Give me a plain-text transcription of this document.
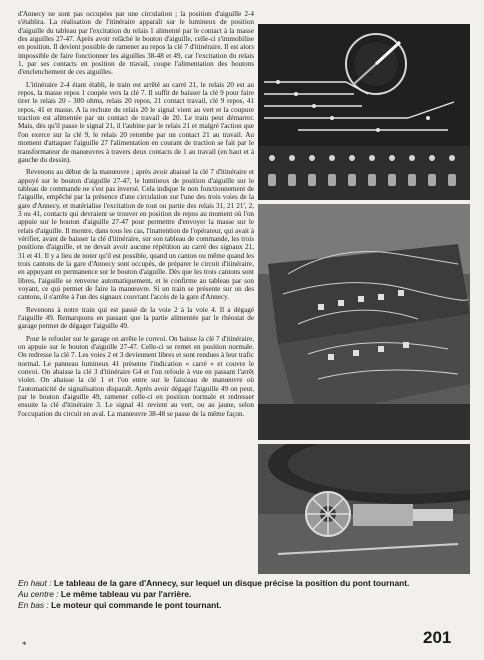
d'Annecy ne sont pas occupées par une circulation ; la position d'aiguille 2-4 s'établira. La réalisation de l'itinéraire apparaît sur le lumineux de position d'aiguille du tableau par l'excitation du relais 1 alimenté par le contact à la masse des aiguilles 27-47. Après avoir relâché le bouton d'aiguille, celle-ci s'immobilise en position. Il devient possible de ramener au repos la clé 7 d'itinéraire. Il est alors impossible de faire fonctionner les aiguilles 38-48 et 49, car l'excitation du relais 1, par ses contacts en position de travail, coupe l'alimentation des boutons d'enclenchement de ces aiguilles.

L'itinéraire 2-4 étant établi, le train est arrêté au carré 21, le relais 20 est au repos, la masse repos 1 coupée vers la clé 7. Il suffit de baisser la clé 9 pour faire tirer le relais 20 - 300 ohms, relais 20 repos, 21 contact travail, clé 9 repos, 41 repos, 41 et masse. A la rechute du relais 20 le signal vient au vert et la coupure traction est alimentée par un contact de travail de 20. Le train peut démarrer. Mais, dès qu'il passe le signal 21, il l'aubine par le relais 21 et malgré l'action que l'on exerce sur la clé 9, le relais 20 retombe par un contact 21 au travail. Au moment d'attaquer l'aiguille 27 l'alimentation en courant de traction se fait par le transformateur de manœuvres à travers deux contacts de 1 au travail (en haut et à gauche du dessin).

Revenons au début de la manœuvre ; après avoir abaissé la clé 7 d'itinéraire et appuyé sur le bouton d'aiguille 27-47, le lumineux de position d'aiguille sur le tableau de commande ne s'est pas inversé. Cela indique le non fonctionnement de l'aiguille, empêché par la présence d'une circulation sur l'une des trois voies de la gare d'Annecy, et matérialise l'excitation de tout ou partie des relais 31, 21 21', 2, 3 ou 41, contacts qui devraient se trouver en position de repos au moment où l'on appuie sur le bouton d'aiguille 27-47 pour permettre d'envoyer la masse sur le relais d'aiguille. Il montre, dans tous les cas, l'inattention de l'opérateur, qui avait à vérifier, avant de baisser la clé d'itinéraire, sur son tableau de commande, les trois positions d'aiguille, et ne devait avoir aucune répétition au carré des signaux 21, 31 et 41. Il y a lieu de noter qu'il est possible, quand un canton ou même quand les trois cantons de la gare d'Annecy sont occupés, de préparer le circuit d'itinéraire, en appuyant en permanence sur le bouton d'aiguille. Dès que les trois cantons sont libres, l'aiguille se renverse automatiquement, et le confirme au tableau par son voyant, ce qui permet de faire la manœuvre. Si un train se présente sur un des cantons, il s'arrête à l'un des signaux couvrant l'accès de la gare d'Annecy.

Revenons à notre train qui est passé de la voie 2 à la voie 4. Il a dégagé l'aiguille 49. Remarquons en passant que la partie alimentée par le rhéostat de garage permet de dégager l'aiguille 49.

Pour le refouler sur le garage on arrête le convoi. On baisse la clé 7 d'itinéraire, on appuie sur le bouton d'aiguille 27-47. Celle-ci se remet en position normale. On redresse la clé 7. Les voies 2 et 3 deviennent libres et sont rendues à leur trafic normal. Le panneau lumineux 41 présente l'indication « carré » et couvre le convoi. On abaisse la clé 3 d'itinéraire G4 et l'on refoule à vue en passant l'arrêt violet. On abaisse la clé 1 et l'on entre sur le faisceau de manœuvre où l'automaticité de signalisation disparaît. Après avoir dégagé l'aiguille 49 on peut, par le bouton d'aiguille 49, ramener celle-ci en position normale et redresser ensuite la clé d'itinéraire 3. Le signal 41 revient au vert, ou au jaune, selon l'occupation du circuit en aval. La manœuvre 38-48 se passe de la même façon.

En haut : Le tableau de la gare d'Annecy, sur lequel un disque précise la position du pont tournant.

Au centre : Le même tableau vu par l'arrière.

En bas : Le moteur qui commande le pont tournant.

*	201
